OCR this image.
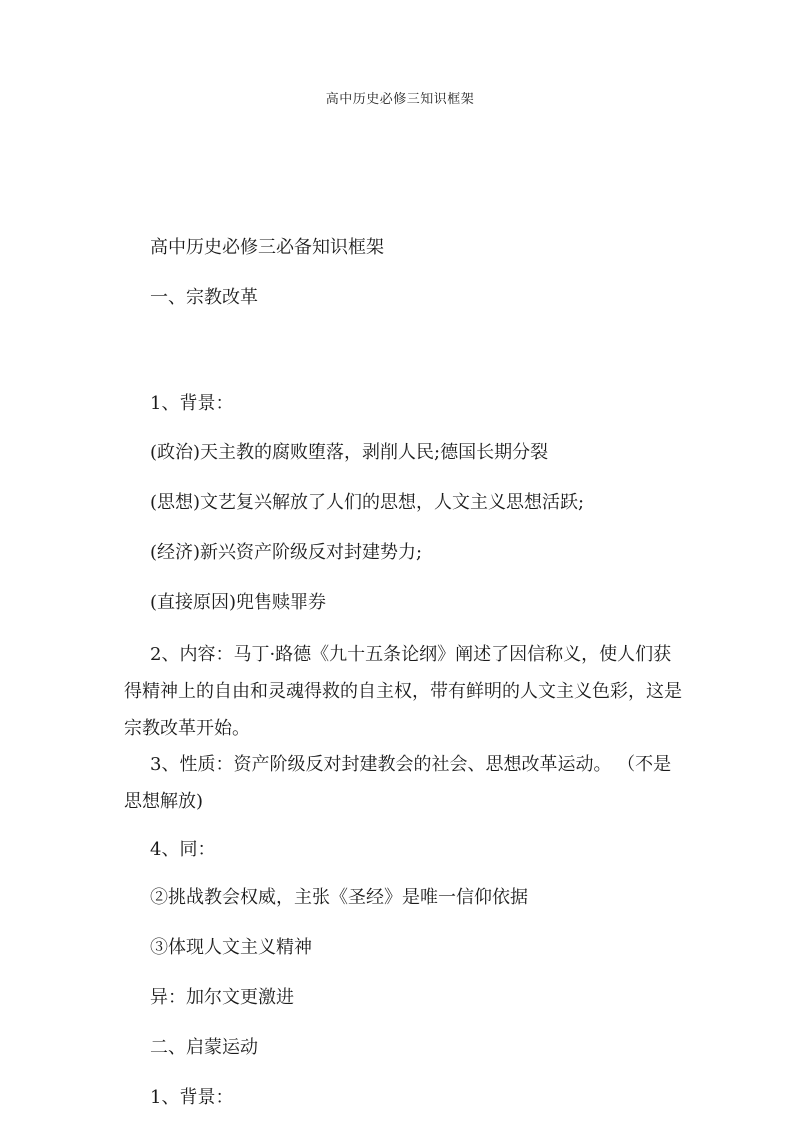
高中历史必修三知识框架
高中历史必修三必备知识框架
一、宗教改革
1、背景：
(政治)天主教的腐败堕落，剥削人民;德国长期分裂
(思想)文艺复兴解放了人们的思想，人文主义思想活跃;
(经济)新兴资产阶级反对封建势力;
(直接原因)兜售赎罪券
2、内容：马丁·路德《九十五条论纲》阐述了因信称义，使人们获得精神上的自由和灵魂得救的自主权，带有鲜明的人文主义色彩，这是宗教改革开始。
3、性质：资产阶级反对封建教会的社会、思想改革运动。 （不是思想解放)
4、同：
②挑战教会权威，主张《圣经》是唯一信仰依据
③体现人文主义精神
异：加尔文更激进
二、启蒙运动
1、背景：
